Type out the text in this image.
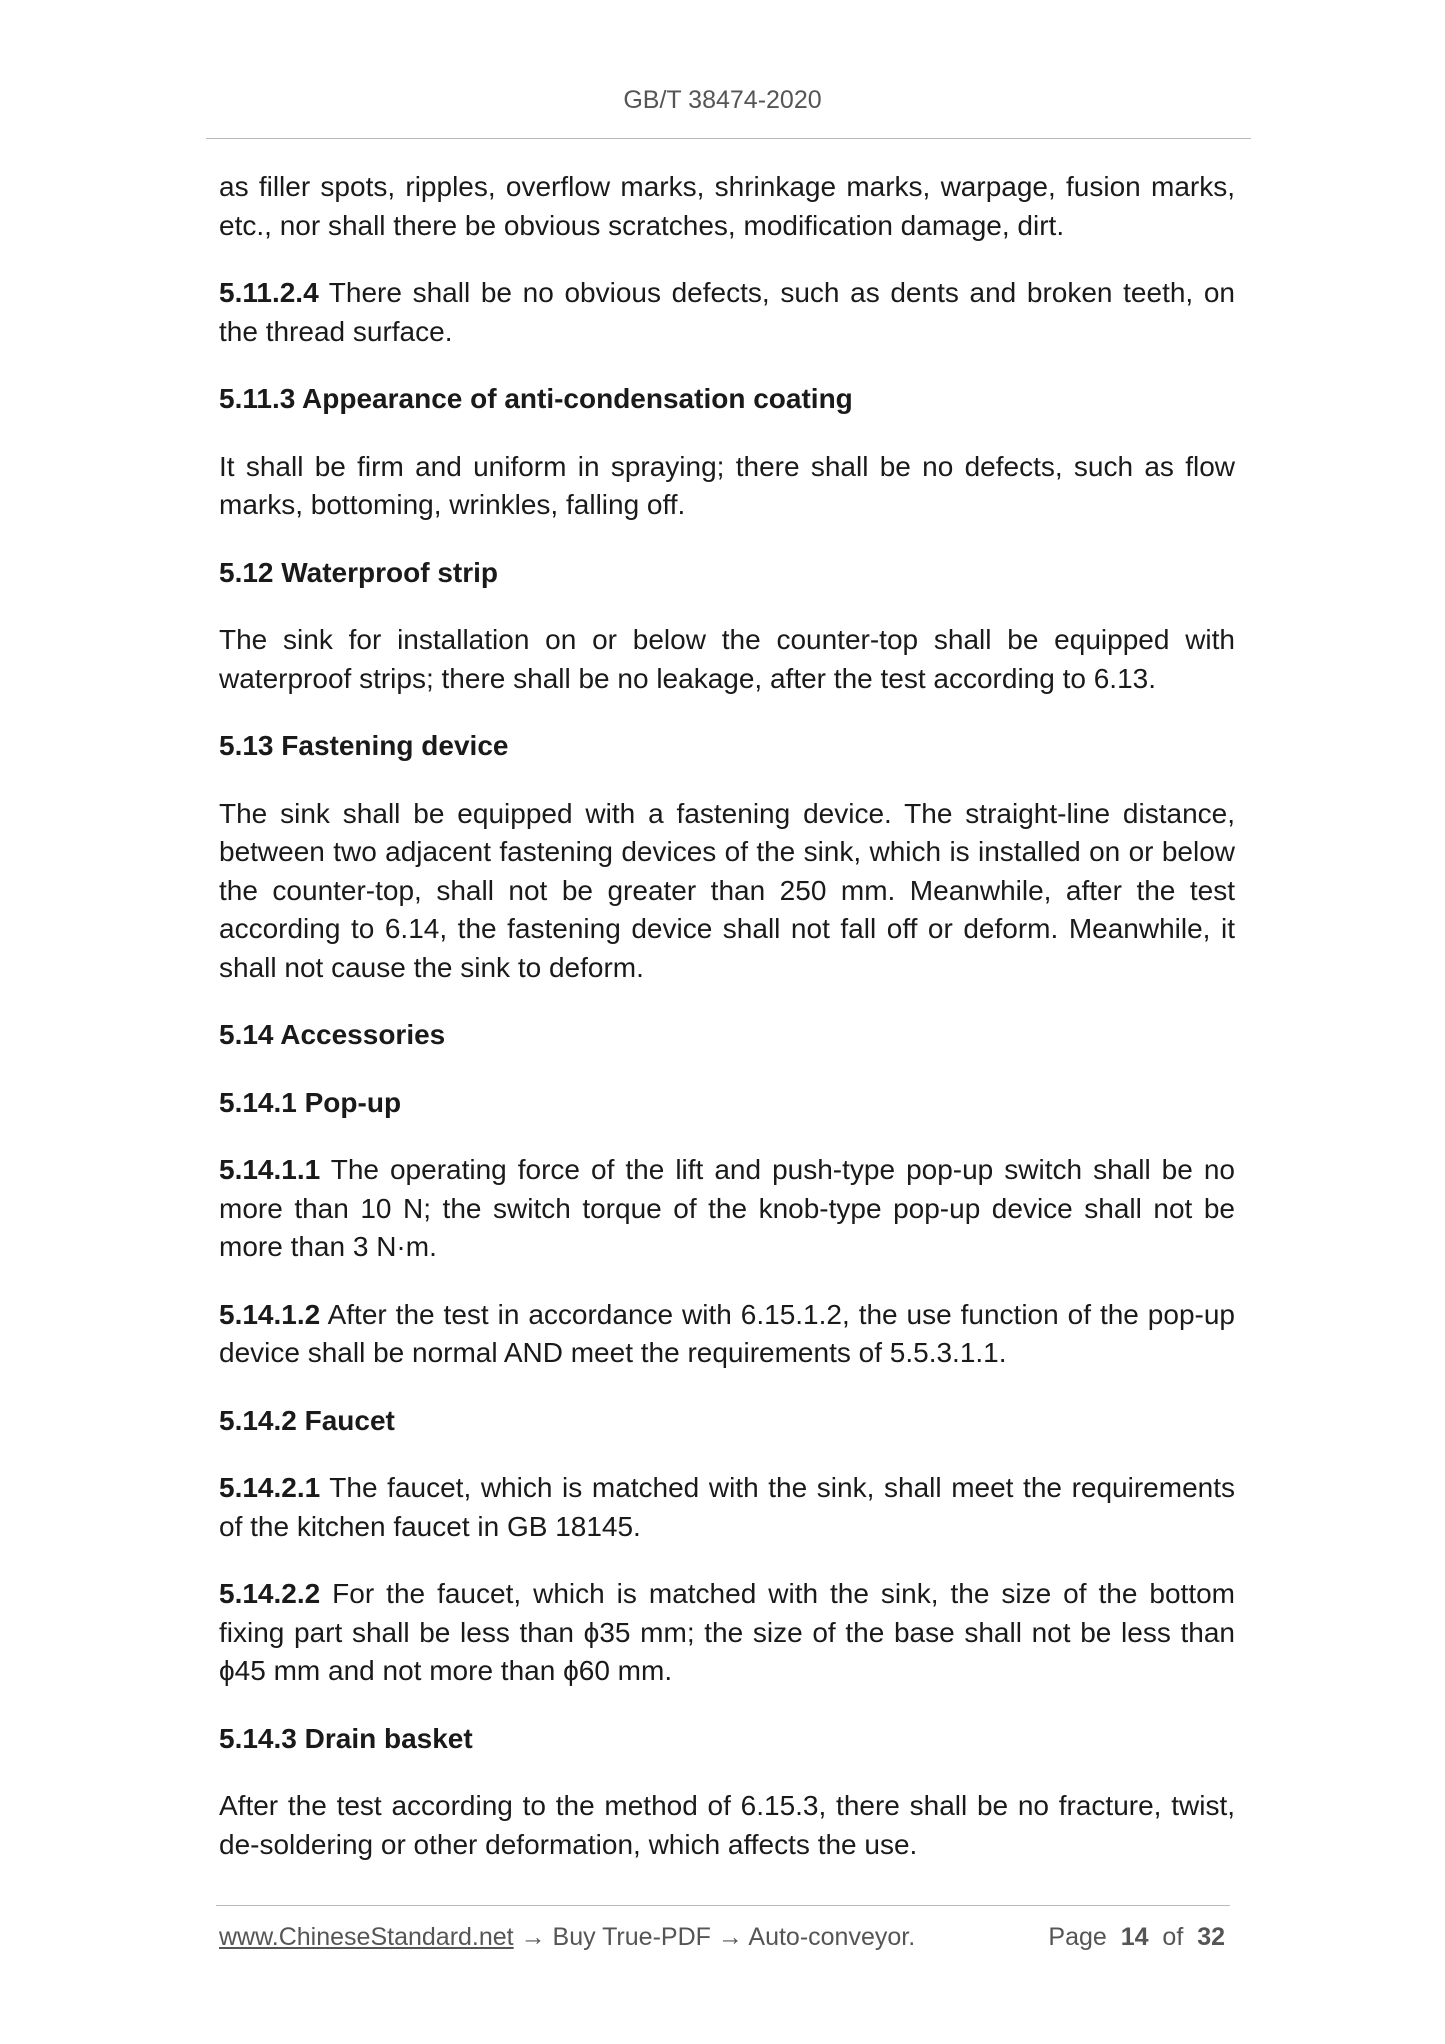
GB/T 38474-2020

as filler spots, ripples, overflow marks, shrinkage marks, warpage, fusion marks, etc., nor shall there be obvious scratches, modification damage, dirt.

5.11.2.4 There shall be no obvious defects, such as dents and broken teeth, on the thread surface.

5.11.3 Appearance of anti-condensation coating

It shall be firm and uniform in spraying; there shall be no defects, such as flow marks, bottoming, wrinkles, falling off.

5.12 Waterproof strip

The sink for installation on or below the counter-top shall be equipped with waterproof strips; there shall be no leakage, after the test according to 6.13.

5.13 Fastening device

The sink shall be equipped with a fastening device. The straight-line distance, between two adjacent fastening devices of the sink, which is installed on or below the counter-top, shall not be greater than 250 mm. Meanwhile, after the test according to 6.14, the fastening device shall not fall off or deform. Meanwhile, it shall not cause the sink to deform.

5.14 Accessories
5.14.1 Pop-up

5.14.1.1 The operating force of the lift and push-type pop-up switch shall be no more than 10 N; the switch torque of the knob-type pop-up device shall not be more than 3 N·m.

5.14.1.2 After the test in accordance with 6.15.1.2, the use function of the pop-up device shall be normal AND meet the requirements of 5.5.3.1.1.

5.14.2 Faucet

5.14.2.1 The faucet, which is matched with the sink, shall meet the requirements of the kitchen faucet in GB 18145.

5.14.2.2 For the faucet, which is matched with the sink, the size of the bottom fixing part shall be less than ϕ35 mm; the size of the base shall not be less than ϕ45 mm and not more than ϕ60 mm.

5.14.3 Drain basket

After the test according to the method of 6.15.3, there shall be no fracture, twist, de-soldering or other deformation, which affects the use.

www.ChineseStandard.net → Buy True-PDF → Auto-conveyor.	Page 14 of 32
